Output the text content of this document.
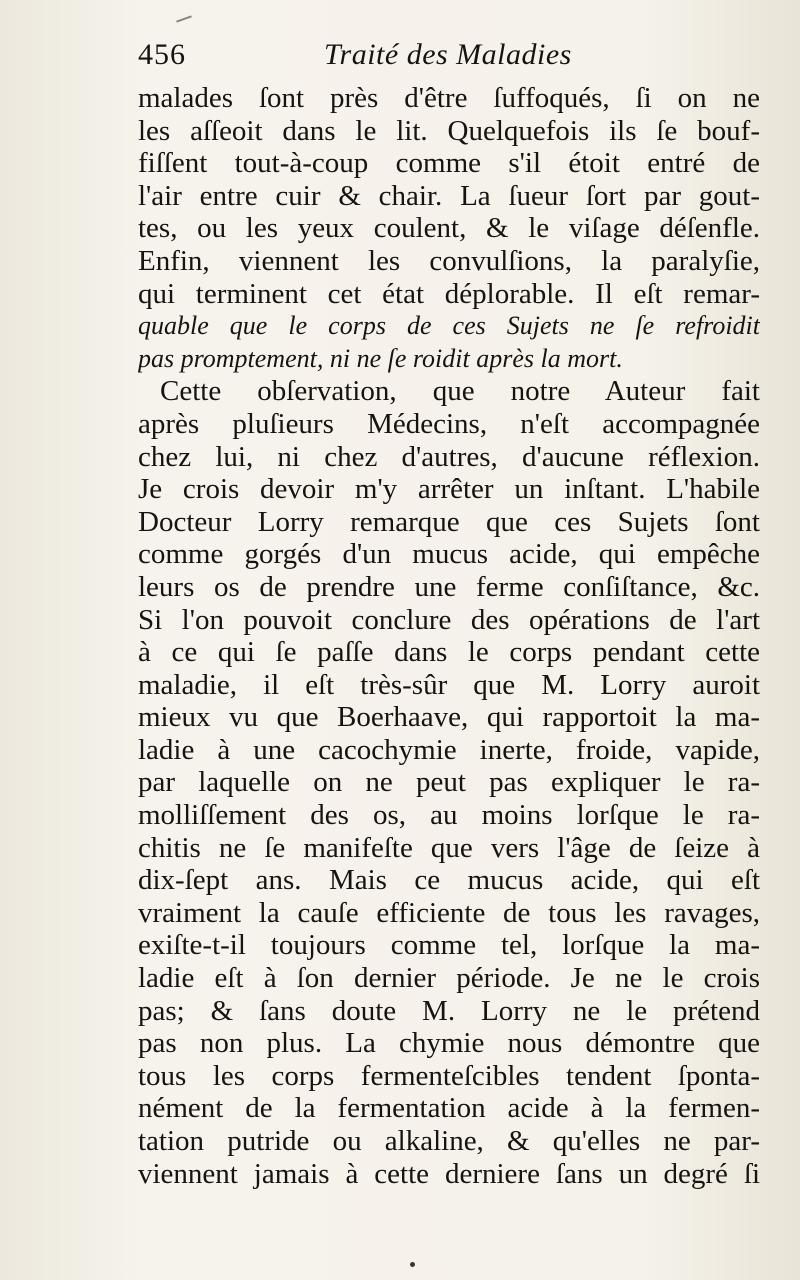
456	Traité des Maladies
malades ſont près d'être ſuffoqués, ſi on ne
les aſſeoit dans le lit. Quelquefois ils ſe bouf-
fiſſent tout-à-coup comme s'il étoit entré de
l'air entre cuir & chair. La ſueur ſort par gout-
tes, ou les yeux coulent, & le viſage déſenfle.
Enfin, viennent les convulſions, la paralyſie,
qui terminent cet état déplorable. Il eſt remar-
quable que le corps de ces Sujets ne ſe refroidit
pas promptement, ni ne ſe roidit après la mort.
Cette obſervation, que notre Auteur fait
après pluſieurs Médecins, n'eſt accompagnée
chez lui, ni chez d'autres, d'aucune réflexion.
Je crois devoir m'y arrêter un inſtant. L'habile
Docteur Lorry remarque que ces Sujets ſont
comme gorgés d'un mucus acide, qui empêche
leurs os de prendre une ferme conſiſtance, &c.
Si l'on pouvoit conclure des opérations de l'art
à ce qui ſe paſſe dans le corps pendant cette
maladie, il eſt très-sûr que M. Lorry auroit
mieux vu que Boerhaave, qui rapportoit la ma-
ladie à une cacochymie inerte, froide, vapide,
par laquelle on ne peut pas expliquer le ra-
molliſſement des os, au moins lorſque le ra-
chitis ne ſe manifeſte que vers l'âge de ſeize à
dix-ſept ans. Mais ce mucus acide, qui eſt
vraiment la cauſe efficiente de tous les ravages,
exiſte-t-il toujours comme tel, lorſque la ma-
ladie eſt à ſon dernier période. Je ne le crois
pas; & ſans doute M. Lorry ne le prétend
pas non plus. La chymie nous démontre que
tous les corps fermenteſcibles tendent ſponta-
nément de la fermentation acide à la fermen-
tation putride ou alkaline, & qu'elles ne par-
viennent jamais à cette derniere ſans un degré ſi
